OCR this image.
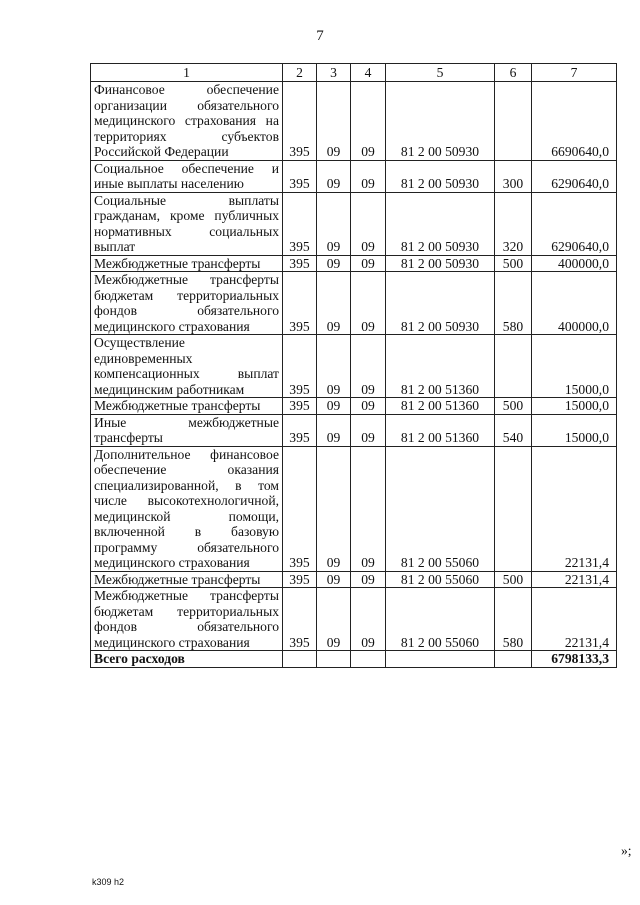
7
1	2	3	4	5	6	7
Финансовое обеспечение организации обязательного медицинского страхования на территориях субъектов Российской Федерации	395	09	09	81 2 00 50930		6690640,0
Социальное обеспечение и иные выплаты населению	395	09	09	81 2 00 50930	300	6290640,0
Социальные выплаты гражданам, кроме публичных нормативных социальных выплат	395	09	09	81 2 00 50930	320	6290640,0
Межбюджетные трансферты	395	09	09	81 2 00 50930	500	400000,0
Межбюджетные трансферты бюджетам территориальных фондов обязательного медицинского страхования	395	09	09	81 2 00 50930	580	400000,0
Осуществление единовременных компенсационных выплат медицинским работникам	395	09	09	81 2 00 51360		15000,0
Межбюджетные трансферты	395	09	09	81 2 00 51360	500	15000,0
Иные межбюджетные трансферты	395	09	09	81 2 00 51360	540	15000,0
Дополнительное финансовое обеспечение оказания специализированной, в том числе высокотехнологичной, медицинской помощи, включенной в базовую программу обязательного медицинского страхования	395	09	09	81 2 00 55060		22131,4
Межбюджетные трансферты	395	09	09	81 2 00 55060	500	22131,4
Межбюджетные трансферты бюджетам территориальных фондов обязательного медицинского страхования	395	09	09	81 2 00 55060	580	22131,4
Всего расходов						6798133,3
»;
k309 h2
